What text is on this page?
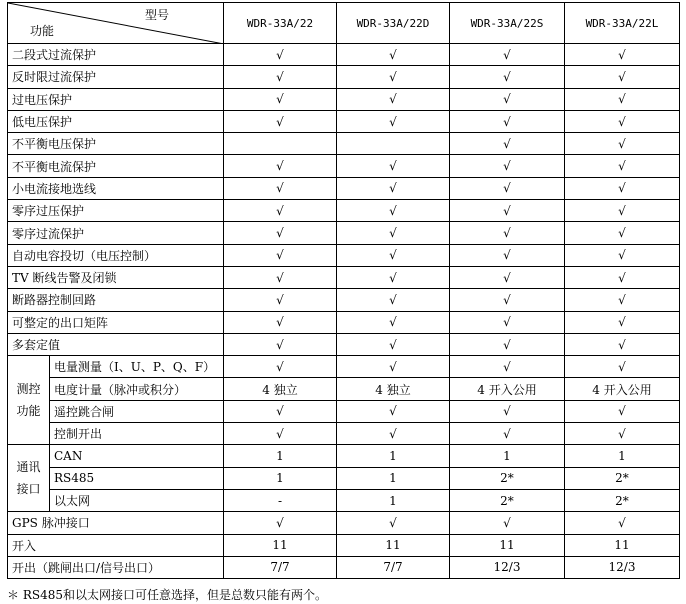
型号
功能		WDR-33A/22	WDR-33A/22D	WDR-33A/22S	WDR-33A/22L
二段式过流保护		√	√	√	√
反时限过流保护		√	√	√	√
过电压保护		√	√	√	√
低电压保护		√	√	√	√
不平衡电压保护				√	√
不平衡电流保护		√	√	√	√
小电流接地选线		√	√	√	√
零序过压保护		√	√	√	√
零序过流保护		√	√	√	√
自动电容投切（电压控制）		√	√	√	√
TV 断线告警及闭锁		√	√	√	√
断路器控制回路		√	√	√	√
可整定的出口矩阵		√	√	√	√
多套定值		√	√	√	√

测控
功能	电量测量（I、U、P、Q、F）	√	√	√	√
	电度计量（脉冲或积分）	4 独立	4 独立	4 开入公用	4 开入公用
	遥控跳合闸	√	√	√	√
	控制开出	√	√	√	√

通讯
接口	CAN	1	1	1	1
	RS485	1	1	2*	2*
	以太网	-	1	2*	2*
GPS 脉冲接口		√	√	√	√
开入		11	11	11	11
开出（跳闸出口/信号出口）		7/7	7/7	12/3	12/3
＊ RS485和以太网接口可任意选择，但是总数只能有两个。
